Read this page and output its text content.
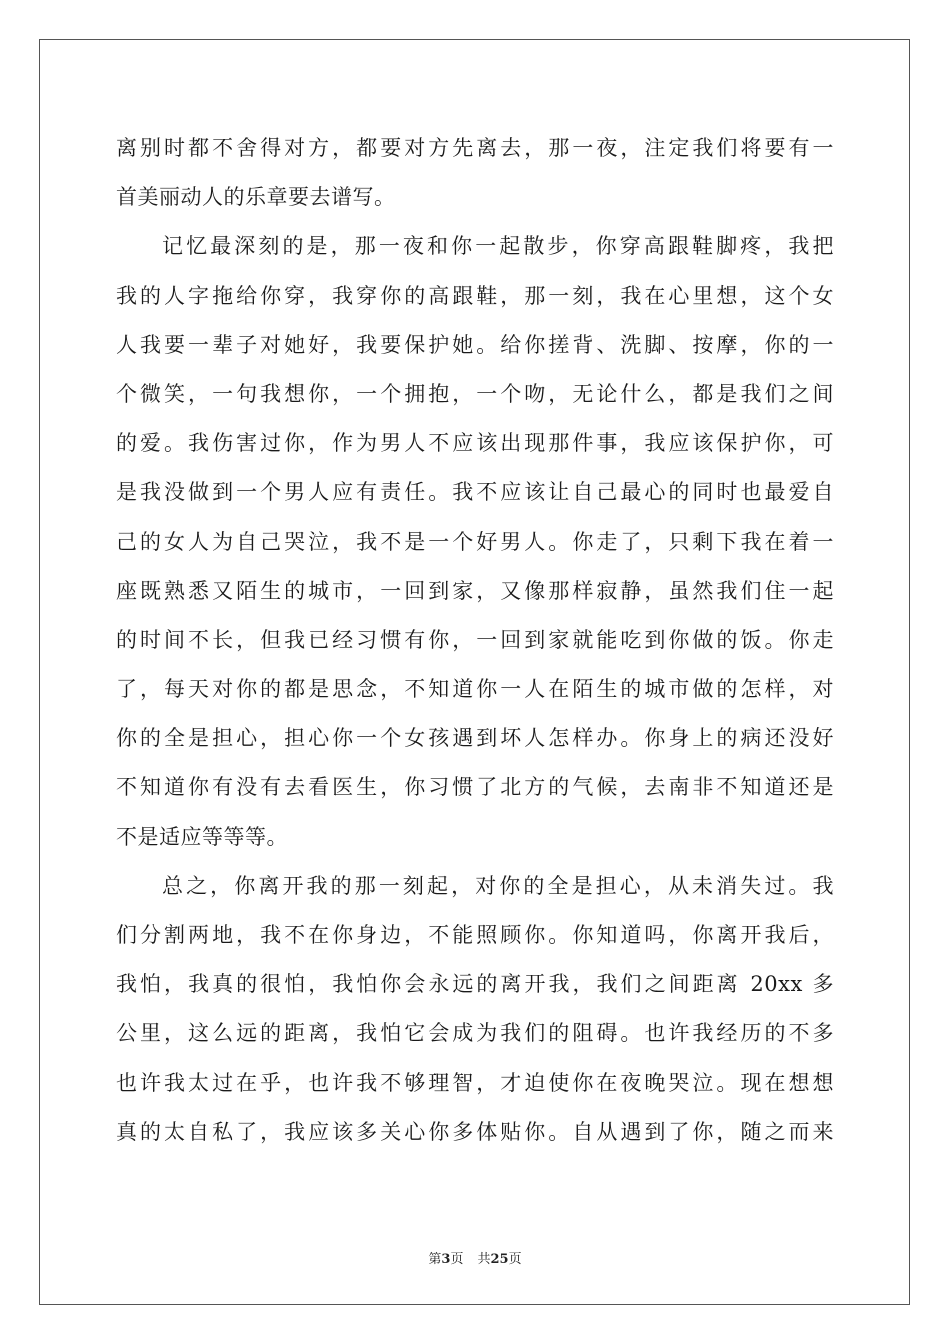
离别时都不舍得对方，都要对方先离去，那一夜，注定我们将要有一
首美丽动人的乐章要去谱写。
记忆最深刻的是，那一夜和你一起散步，你穿高跟鞋脚疼，我把
我的人字拖给你穿，我穿你的高跟鞋，那一刻，我在心里想，这个女
人我要一辈子对她好，我要保护她。给你搓背、洗脚、按摩，你的一
个微笑，一句我想你，一个拥抱，一个吻，无论什么，都是我们之间
的爱。我伤害过你，作为男人不应该出现那件事，我应该保护你，可
是我没做到一个男人应有责任。我不应该让自己最心的同时也最爱自
己的女人为自己哭泣，我不是一个好男人。你走了，只剩下我在着一
座既熟悉又陌生的城市，一回到家，又像那样寂静，虽然我们住一起
的时间不长，但我已经习惯有你，一回到家就能吃到你做的饭。你走
了，每天对你的都是思念，不知道你一人在陌生的城市做的怎样，对
你的全是担心，担心你一个女孩遇到坏人怎样办。你身上的病还没好
不知道你有没有去看医生，你习惯了北方的气候，去南非不知道还是
不是适应等等等。
总之，你离开我的那一刻起，对你的全是担心，从未消失过。我
们分割两地，我不在你身边，不能照顾你。你知道吗，你离开我后，
我怕，我真的很怕，我怕你会永远的离开我，我们之间距离 20xx 多
公里，这么远的距离，我怕它会成为我们的阻碍。也许我经历的不多
也许我太过在乎，也许我不够理智，才迫使你在夜晚哭泣。现在想想
真的太自私了，我应该多关心你多体贴你。自从遇到了你，随之而来
第3页 共25页
